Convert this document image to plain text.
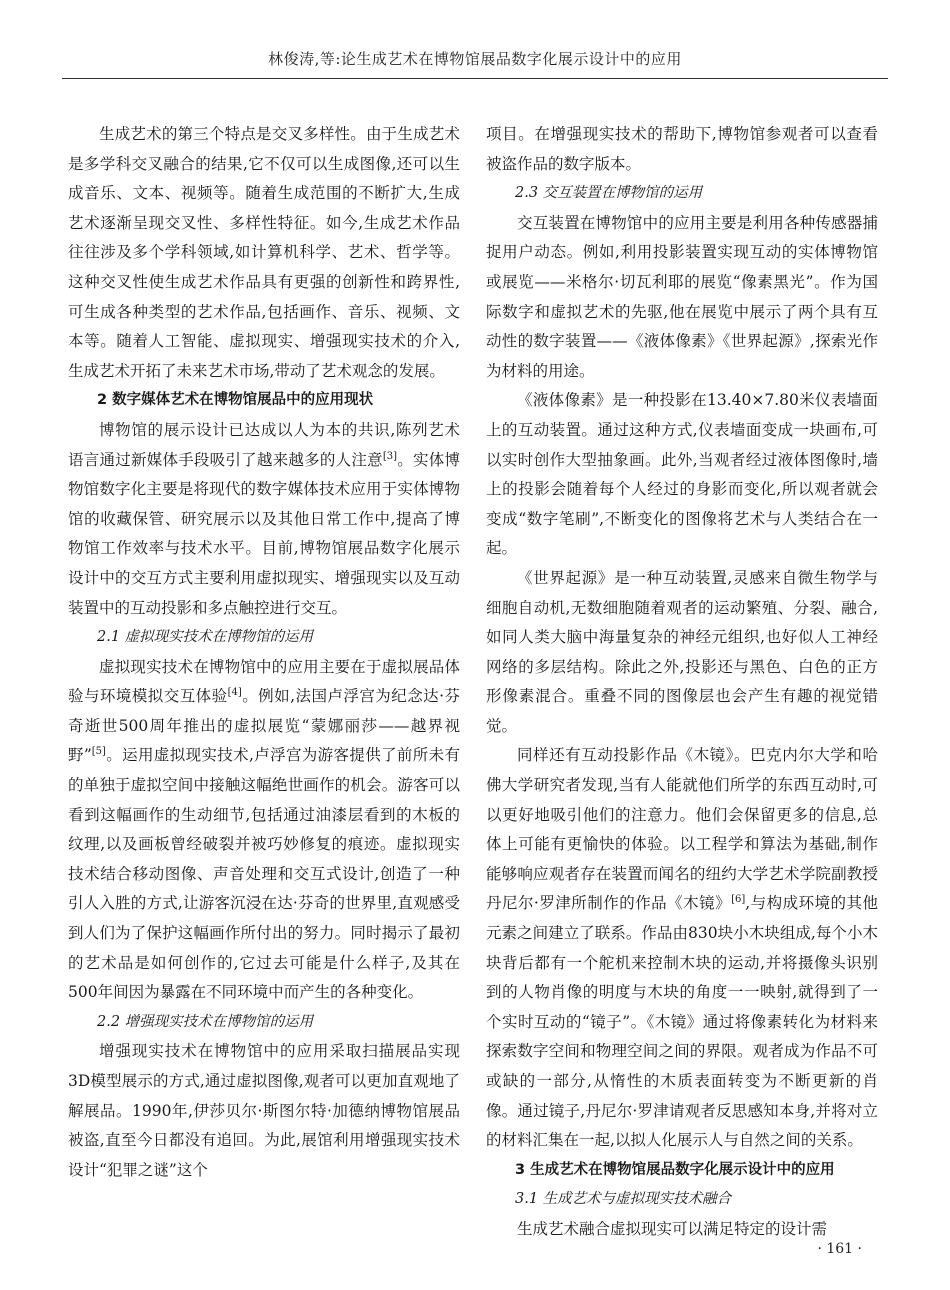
林俊涛,等:论生成艺术在博物馆展品数字化展示设计中的应用

生成艺术的第三个特点是交叉多样性。由于生成艺术是多学科交叉融合的结果,它不仅可以生成图像,还可以生成音乐、文本、视频等。随着生成范围的不断扩大,生成艺术逐渐呈现交叉性、多样性特征。如今,生成艺术作品往往涉及多个学科领域,如计算机科学、艺术、哲学等。这种交叉性使生成艺术作品具有更强的创新性和跨界性,可生成各种类型的艺术作品,包括画作、音乐、视频、文本等。随着人工智能、虚拟现实、增强现实技术的介入,生成艺术开拓了未来艺术市场,带动了艺术观念的发展。

2 数字媒体艺术在博物馆展品中的应用现状

博物馆的展示设计已达成以人为本的共识,陈列艺术语言通过新媒体手段吸引了越来越多的人注意[3]。实体博物馆数字化主要是将现代的数字媒体技术应用于实体博物馆的收藏保管、研究展示以及其他日常工作中,提高了博物馆工作效率与技术水平。目前,博物馆展品数字化展示设计中的交互方式主要利用虚拟现实、增强现实以及互动装置中的互动投影和多点触控进行交互。

2.1 虚拟现实技术在博物馆的运用

虚拟现实技术在博物馆中的应用主要在于虚拟展品体验与环境模拟交互体验[4]。例如,法国卢浮宫为纪念达·芬奇逝世500周年推出的虚拟展览“蒙娜丽莎——越界视野”[5]。运用虚拟现实技术,卢浮宫为游客提供了前所未有的单独于虚拟空间中接触这幅绝世画作的机会。游客可以看到这幅画作的生动细节,包括通过油漆层看到的木板的纹理,以及画板曾经破裂并被巧妙修复的痕迹。虚拟现实技术结合移动图像、声音处理和交互式设计,创造了一种引人入胜的方式,让游客沉浸在达·芬奇的世界里,直观感受到人们为了保护这幅画作所付出的努力。同时揭示了最初的艺术品是如何创作的,它过去可能是什么样子,及其在500年间因为暴露在不同环境中而产生的各种变化。

2.2 增强现实技术在博物馆的运用

增强现实技术在博物馆中的应用采取扫描展品实现3D模型展示的方式,通过虚拟图像,观者可以更加直观地了解展品。1990年,伊莎贝尔·斯图尔特·加德纳博物馆展品被盗,直至今日都没有追回。为此,展馆利用增强现实技术设计“犯罪之谜”这个

项目。在增强现实技术的帮助下,博物馆参观者可以查看被盗作品的数字版本。

2.3 交互装置在博物馆的运用

交互装置在博物馆中的应用主要是利用各种传感器捕捉用户动态。例如,利用投影装置实现互动的实体博物馆或展览——米格尔·切瓦利耶的展览“像素黑光”。作为国际数字和虚拟艺术的先驱,他在展览中展示了两个具有互动性的数字装置——《液体像素》《世界起源》,探索光作为材料的用途。

《液体像素》是一种投影在13.40×7.80米仪表墙面上的互动装置。通过这种方式,仪表墙面变成一块画布,可以实时创作大型抽象画。此外,当观者经过液体图像时,墙上的投影会随着每个人经过的身影而变化,所以观者就会变成“数字笔刷”,不断变化的图像将艺术与人类结合在一起。

《世界起源》是一种互动装置,灵感来自微生物学与细胞自动机,无数细胞随着观者的运动繁殖、分裂、融合,如同人类大脑中海量复杂的神经元组织,也好似人工神经网络的多层结构。除此之外,投影还与黑色、白色的正方形像素混合。重叠不同的图像层也会产生有趣的视觉错觉。

同样还有互动投影作品《木镜》。巴克内尔大学和哈佛大学研究者发现,当有人能就他们所学的东西互动时,可以更好地吸引他们的注意力。他们会保留更多的信息,总体上可能有更愉快的体验。以工程学和算法为基础,制作能够响应观者存在装置而闻名的纽约大学艺术学院副教授丹尼尔·罗津所制作的作品《木镜》[6],与构成环境的其他元素之间建立了联系。作品由830块小木块组成,每个小木块背后都有一个舵机来控制木块的运动,并将摄像头识别到的人物肖像的明度与木块的角度一一映射,就得到了一个实时互动的“镜子”。《木镜》通过将像素转化为材料来探索数字空间和物理空间之间的界限。观者成为作品不可或缺的一部分,从惰性的木质表面转变为不断更新的肖像。通过镜子,丹尼尔·罗津请观者反思感知本身,并将对立的材料汇集在一起,以拟人化展示人与自然之间的关系。

3 生成艺术在博物馆展品数字化展示设计中的应用

3.1 生成艺术与虚拟现实技术融合

生成艺术融合虚拟现实可以满足特定的设计需

· 161 ·
